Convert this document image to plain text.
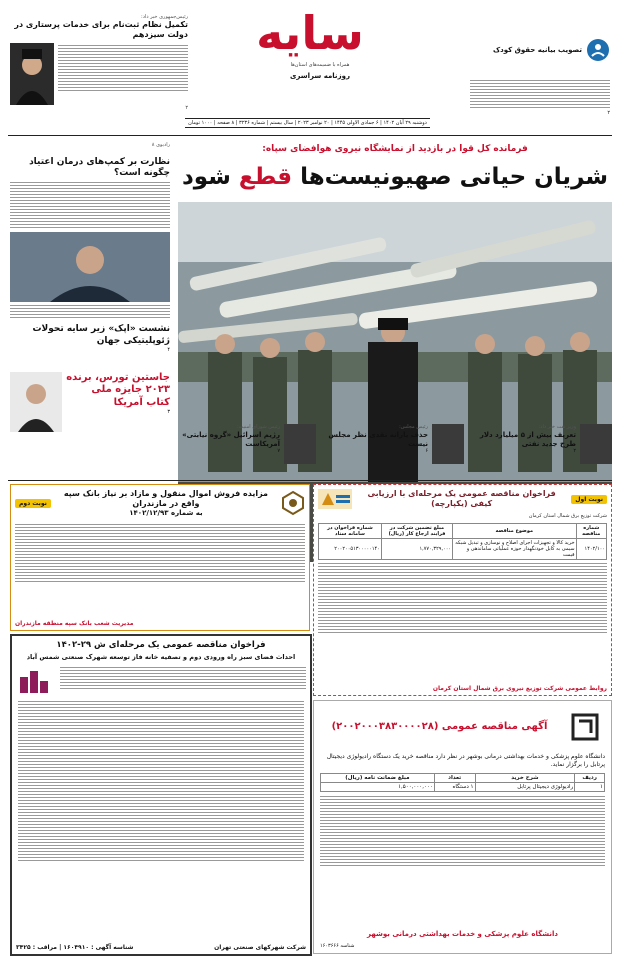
سایه
روزنامه سراسری
همراه با ضمیمه‌های استان‌ها
دوشنبه ۲۹ آبان ۱۴۰۲ | ۶ جمادی الاولی ۱۴۴۵ | ۲۰ نوامبر ۲۰۲۳ | سال بیستم | شماره ۳۲۳۶ | ۸ صفحه | ۱۰۰۰ تومان
رئیس‌جمهوری خبر داد:
تکمیل نظام ثبت‌نام برای خدمات پرستاری در دولت سیزدهم
۲
تصویب بیانیه حقوق کودک
۲
فرمانده کل قوا در بازدید از نمایشگاه نیروی هوافضای سپاه:
شریان حیاتی صهیونیست‌ها قطع شود
رادیوی ۸
نظارت بر کمپ‌های درمان اعتیاد چگونه است؟
نشست «اپک» زیر سایه تحولات ژئوپلیتیکی جهان
۴
جاستین تورس، برنده ۲۰۲۳ جایزه ملی کتاب آمریکا
۳
وزیر نفت خبر داد:
تعریف بیش از ۵ میلیارد دلار طرح جدید نفتی
۲
رئیس مجلس:
حذف یارانه نقدی نظر مجلس نیست
۶
رئیس شورای امنیت:
رژیم اسرائیل «گروه نیابتی» آمریکاست
۷
نوبت اول
فراخوان مناقصه عمومی یک مرحله‌ای با ارزیابی کیفی (یکپارچه)
شرکت توزیع برق شمال استان کرمان
شماره مناقصه	موضوع مناقصه	مبلغ تضمین شرکت در فرایند ارجاع کار (ریال)	شماره فراخوان در سامانه ستاد
۱۴۰۲/۱۰۰	خرید کالا و تجهیزات اجرای اصلاح و نوسازی و تبدیل شبکه سیمی به کابل خودنگهدار حوزه عملیاتی ساماندهی و قیمت	۱,۷۷۰,۳۲۹,۰۰۰	۲۰۰۲۰۰۵۱۳۰۰۰۰۰۱۴۰
روابط عمومی شرکت توزیع نیروی برق شمال استان کرمان
مزایده فروش اموال منقول و مازاد بر نیاز بانک سپه واقع در مازندران
به شماره ۱۴۰۲/۱۲/۹۳
نوبت دوم
مدیریت شعب بانک سپه منطقه مازندران
فراخوان مناقصه عمومی یک مرحله‌ای ش ۲۹-۱۴۰۲
احداث فضای سبز راه ورودی دوم و تصفیه خانه فاز توسعه شهرک صنعتی شمس آباد
شرکت شهرکهای صنعتی تهران
شناسه آگهی : ۱۶۰۴۹۱۰ | مراقب : ۳۴۲۵
آگهی مناقصه عمومی (۲۰۰۲۰۰۰۳۸۳۰۰۰۰۲۸)
دانشگاه علوم پزشکی و خدمات بهداشتی درمانی بوشهر در نظر دارد مناقصه خرید یک دستگاه رادیولوژی دیجیتال پرتابل را برگزار نماید.
ردیف	شرح خرید	تعداد	مبلغ ضمانت نامه (ریال)
۱	رادیولوژی دیجیتال پرتابل	۱ دستگاه	۱,۵۰۰,۰۰۰,۰۰۰
دانشگاه علوم پزشکی و خدمات بهداشتی درمانی بوشهر
شناسه ۱۶۰۳۶۶۶
